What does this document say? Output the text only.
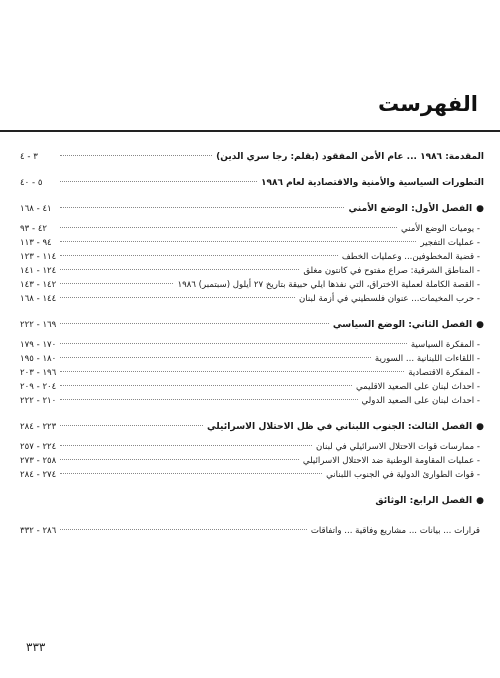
الفهرست
المقدمة: ١٩٨٦ ... عام الأمن المفقود (بقلم: رجا سري الدين)
٣ - ٤
التطورات السياسية والأمنية والاقتصادية لعام ١٩٨٦
٥ - ٤٠
●الفصل الأول: الوضع الأمني
٤١ - ١٦٨
- يوميات الوضع الأمني
٤٢ - ٩٣
- عمليات التفجير
٩٤ - ١١٣
- قضية المخطوفين... وعمليات الخطف
١١٤ - ١٢٣
- المناطق الشرقية: صراع مفتوح في كانتون مغلق
١٢٤ - ١٤١
- القصة الكاملة لعملية الاختراق، التي نفذها ايلي حبيقة بتاريخ ٢٧ أيلول (سبتمبر) ١٩٨٦
١٤٢ - ١٤٣
- حرب المخيمات... عنوان فلسطيني في أزمة لبنان
١٤٤ - ١٦٨
●الفصل الثاني: الوضع السياسي
١٦٩ - ٢٢٢
- المفكرة السياسية
١٧٠ - ١٧٩
- اللقاءات اللبنانية ... السورية
١٨٠ - ١٩٥
- المفكرة الاقتصادية
١٩٦ - ٢٠٣
- احداث لبنان على الصعيد الاقليمي
٢٠٤ - ٢٠٩
- احداث لبنان على الصعيد الدولي
٢١٠ - ٢٢٢
●الفصل الثالث: الجنوب اللبناني في ظل الاحتلال الاسرائيلي
٢٢٣ - ٢٨٤
- ممارسات قوات الاحتلال الاسرائيلي في لبنان
٢٢٤ - ٢٥٧
- عمليات المقاومة الوطنية ضد الاحتلال الاسرائيلي
٢٥٨ - ٢٧٣
- قوات الطوارئ الدولية في الجنوب اللبناني
٢٧٤ - ٢٨٤
●الفصل الرابع: الوثائق
قرارات ... بيانات ... مشاريع وفاقية ... واتفاقات
٢٨٦ - ٣٣٢
٣٣٣
